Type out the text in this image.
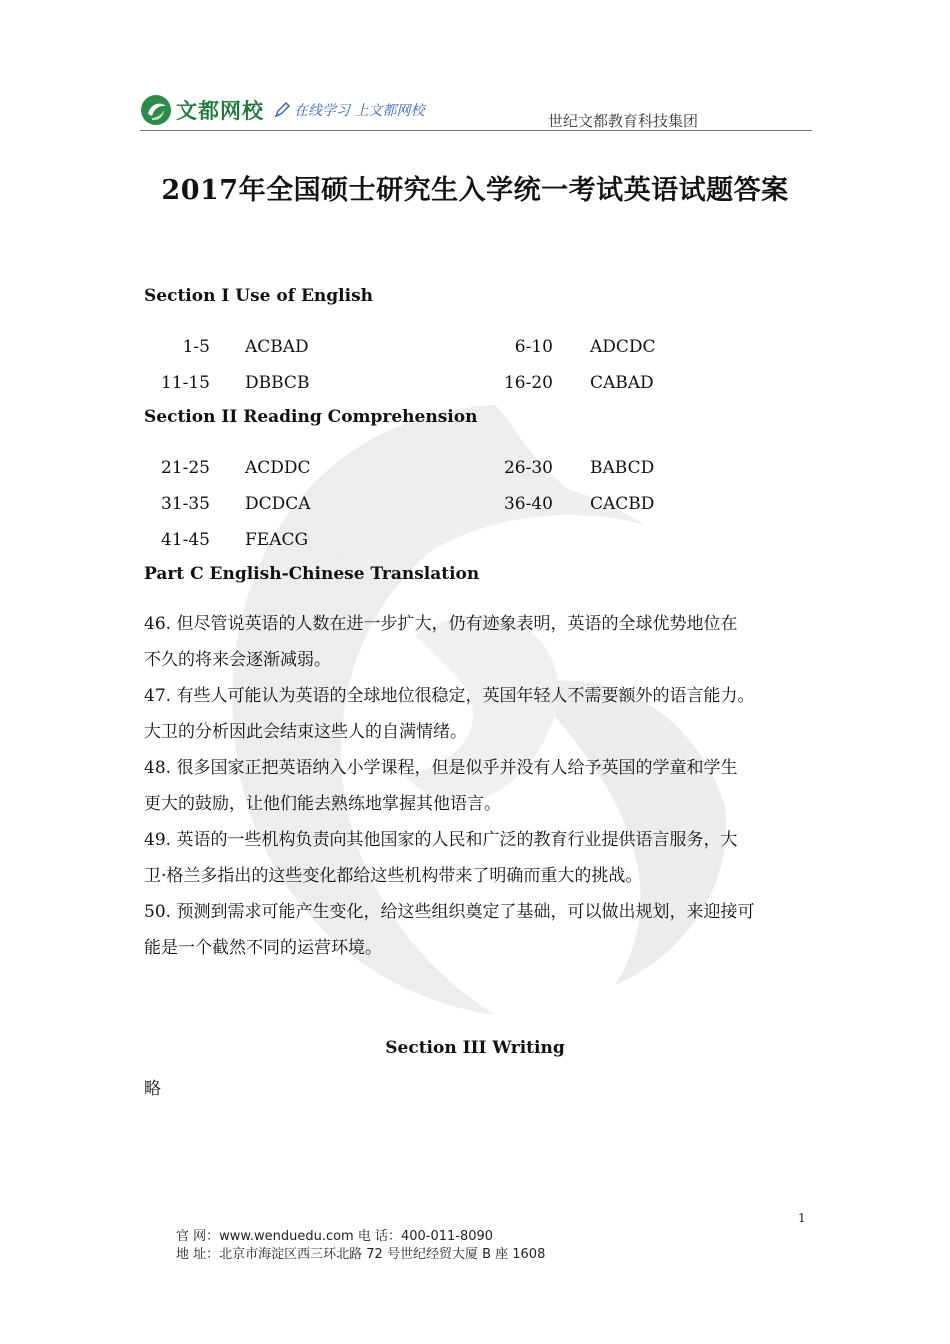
文都网校 在线学习 上文都网校
世纪文都教育科技集团
2017年全国硕士研究生入学统一考试英语试题答案
Section I Use of English
1-5 ACBAD	6-10 ADCDC
11-15 DBBCB	16-20 CABAD
Section II Reading Comprehension
21-25 ACDDC	26-30 BABCD
31-35 DCDCA	36-40 CACBD
41-45 FEACG
Part C English-Chinese Translation
46. 但尽管说英语的人数在进一步扩大，仍有迹象表明，英语的全球优势地位在
不久的将来会逐渐减弱。
47. 有些人可能认为英语的全球地位很稳定，英国年轻人不需要额外的语言能力。
大卫的分析因此会结束这些人的自满情绪。
48. 很多国家正把英语纳入小学课程，但是似乎并没有人给予英国的学童和学生
更大的鼓励，让他们能去熟练地掌握其他语言。
49. 英语的一些机构负责向其他国家的人民和广泛的教育行业提供语言服务，大
卫·格兰多指出的这些变化都给这些机构带来了明确而重大的挑战。
50. 预测到需求可能产生变化，给这些组织奠定了基础，可以做出规划，来迎接可
能是一个截然不同的运营环境。
Section III Writing
略
1
官 网：www.wenduedu.com 电 话：400-011-8090
地 址：北京市海淀区西三环北路 72 号世纪经贸大厦 B 座 1608
